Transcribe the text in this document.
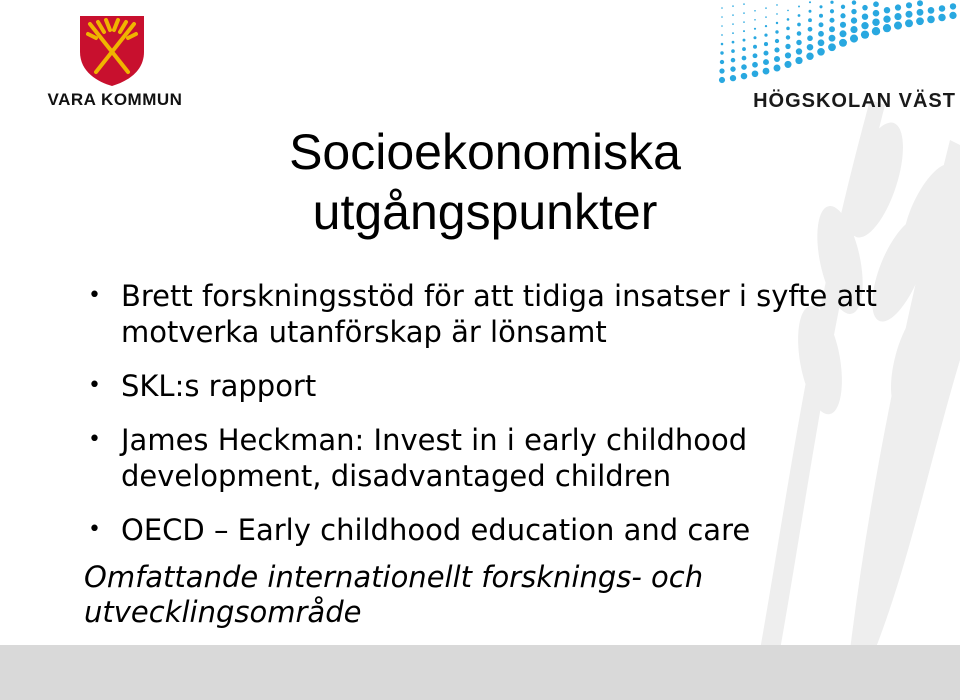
VARA KOMMUN	HÖGSKOLAN VÄST
Socioekonomiska
utgångspunkter
• Brett forskningsstöd för att tidiga insatser i syfte att motverka utanförskap är lönsamt
• SKL:s rapport
• James Heckman: Invest in i early childhood development, disadvantaged children
• OECD – Early childhood education and care
Omfattande internationellt forsknings- och utvecklingsområde
